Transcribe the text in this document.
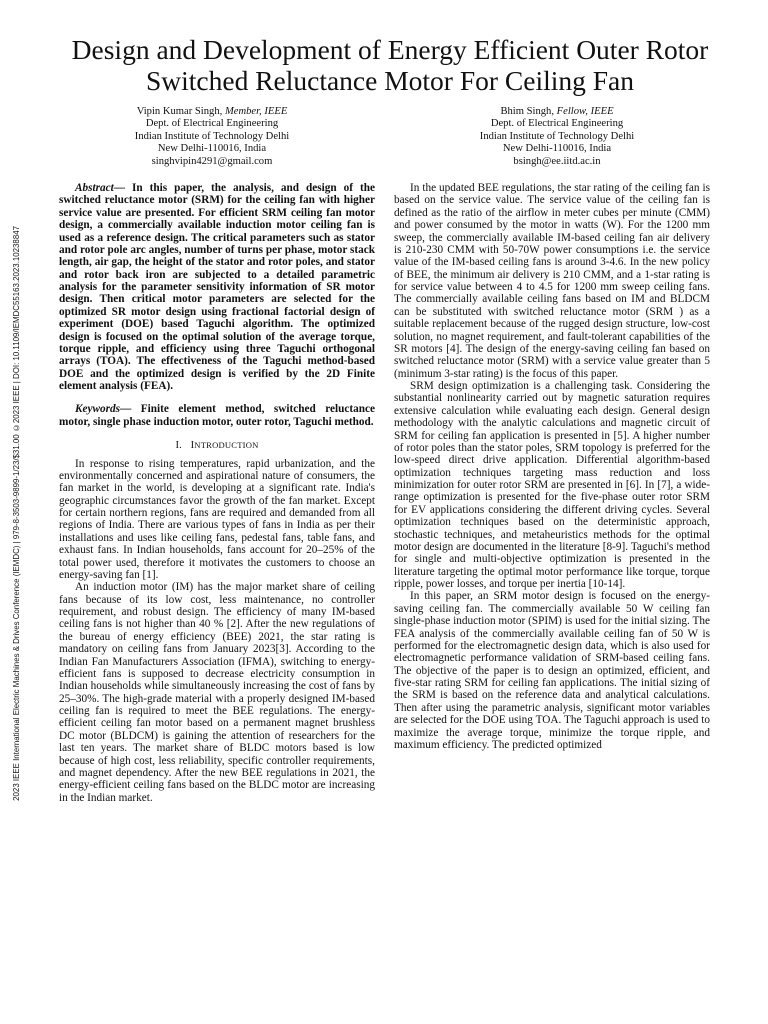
2023 IEEE International Electric Machines & Drives Conference (IEMDC) | 979-8-3503-9899-1/23/$31.00 ©2023 IEEE | DOI: 10.1109/IEMDC55163.2023.10238847
Design and Development of Energy Efficient Outer Rotor Switched Reluctance Motor For Ceiling Fan
Vipin Kumar Singh, Member, IEEE
Dept. of Electrical Engineering
Indian Institute of Technology Delhi
New Delhi-110016, India
singhvipin4291@gmail.com
Bhim Singh, Fellow, IEEE
Dept. of Electrical Engineering
Indian Institute of Technology Delhi
New Delhi-110016, India
bsingh@ee.iitd.ac.in

Abstract— In this paper, the analysis, and design of the switched reluctance motor (SRM) for the ceiling fan with higher service value are presented. For efficient SRM ceiling fan motor design, a commercially available induction motor ceiling fan is used as a reference design. The critical parameters such as stator and rotor pole arc angles, number of turns per phase, motor stack length, air gap, the height of the stator and rotor poles, and stator and rotor back iron are subjected to a detailed parametric analysis for the parameter sensitivity information of SR motor design. Then critical motor parameters are selected for the optimized SR motor design using fractional factorial design of experiment (DOE) based Taguchi algorithm. The optimized design is focused on the optimal solution of the average torque, torque ripple, and efficiency using three Taguchi orthogonal arrays (TOA). The effectiveness of the Taguchi method-based DOE and the optimized design is verified by the 2D Finite element analysis (FEA).

Keywords— Finite element method, switched reluctance motor, single phase induction motor, outer rotor, Taguchi method.

I. INTRODUCTION

In response to rising temperatures, rapid urbanization, and the environmentally concerned and aspirational nature of consumers, the fan market in the world, is developing at a significant rate. India's geographic circumstances favor the growth of the fan market. Except for certain northern regions, fans are required and demanded from all regions of India. There are various types of fans in India as per their installations and uses like ceiling fans, pedestal fans, table fans, and exhaust fans. In Indian households, fans account for 20–25% of the total power used, therefore it motivates the customers to choose an energy-saving fan [1].

An induction motor (IM) has the major market share of ceiling fans because of its low cost, less maintenance, no controller requirement, and robust design. The efficiency of many IM-based ceiling fans is not higher than 40 % [2]. After the new regulations of the bureau of energy efficiency (BEE) 2021, the star rating is mandatory on ceiling fans from January 2023[3]. According to the Indian Fan Manufacturers Association (IFMA), switching to energy-efficient fans is supposed to decrease electricity consumption in Indian households while simultaneously increasing the cost of fans by 25–30%. The high-grade material with a properly designed IM-based ceiling fan is required to meet the BEE regulations. The energy-efficient ceiling fan motor based on a permanent magnet brushless DC motor (BLDCM) is gaining the attention of researchers for the last ten years. The market share of BLDC motors based is low because of high cost, less reliability, specific controller requirements, and magnet dependency. After the new BEE regulations in 2021, the energy-efficient ceiling fans based on the BLDC motor are increasing in the Indian market.

In the updated BEE regulations, the star rating of the ceiling fan is based on the service value. The service value of the ceiling fan is defined as the ratio of the airflow in meter cubes per minute (CMM) and power consumed by the motor in watts (W). For the 1200 mm sweep, the commercially available IM-based ceiling fan air delivery is 210-230 CMM with 50-70W power consumptions i.e. the service value of the IM-based ceiling fans is around 3-4.6. In the new policy of BEE, the minimum air delivery is 210 CMM, and a 1-star rating is for service value between 4 to 4.5 for 1200 mm sweep ceiling fans. The commercially available ceiling fans based on IM and BLDCM can be substituted with switched reluctance motor (SRM ) as a suitable replacement because of the rugged design structure, low-cost solution, no magnet requirement, and fault-tolerant capabilities of the SR motors [4]. The design of the energy-saving ceiling fan based on switched reluctance motor (SRM) with a service value greater than 5 (minimum 3-star rating) is the focus of this paper.

SRM design optimization is a challenging task. Considering the substantial nonlinearity carried out by magnetic saturation requires extensive calculation while evaluating each design. General design methodology with the analytic calculations and magnetic circuit of SRM for ceiling fan application is presented in [5]. A higher number of rotor poles than the stator poles, SRM topology is preferred for the low-speed direct drive application. Differential algorithm-based optimization techniques targeting mass reduction and loss minimization for outer rotor SRM are presented in [6]. In [7], a wide-range optimization is presented for the five-phase outer rotor SRM for EV applications considering the different driving cycles. Several optimization techniques based on the deterministic approach, stochastic techniques, and metaheuristics methods for the optimal motor design are documented in the literature [8-9]. Taguchi's method for single and multi-objective optimization is presented in the literature targeting the optimal motor performance like torque, torque ripple, power losses, and torque per inertia [10-14].

In this paper, an SRM motor design is focused on the energy-saving ceiling fan. The commercially available 50 W ceiling fan single-phase induction motor (SPIM) is used for the initial sizing. The FEA analysis of the commercially available ceiling fan of 50 W is performed for the electromagnetic design data, which is also used for electromagnetic performance validation of SRM-based ceiling fans. The objective of the paper is to design an optimized, efficient, and five-star rating SRM for ceiling fan applications. The initial sizing of the SRM is based on the reference data and analytical calculations. Then after using the parametric analysis, significant motor variables are selected for the DOE using TOA. The Taguchi approach is used to maximize the average torque, minimize the torque ripple, and maximum efficiency. The predicted optimized
